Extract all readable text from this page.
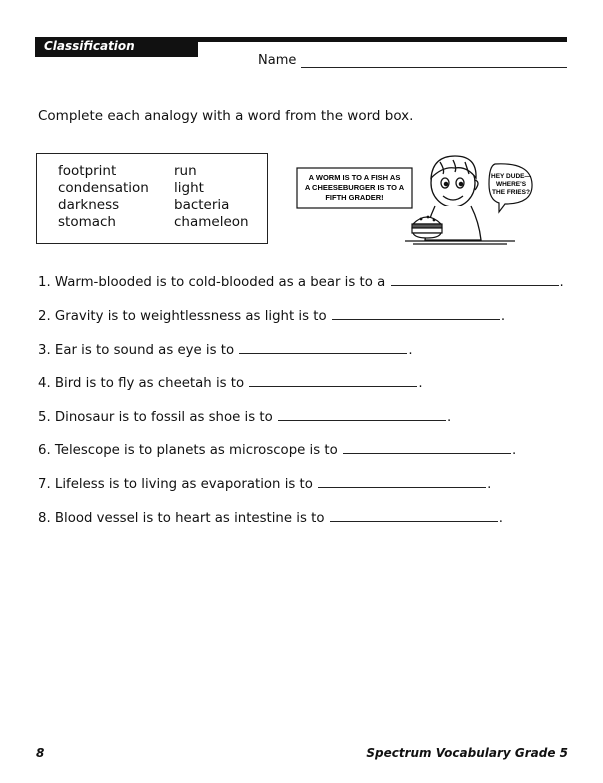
Classification
Name
Complete each analogy with a word from the word box.
footprint
condensation
darkness
stomach
run
light
bacteria
chameleon
A WORM IS TO A FISH AS
A CHEESEBURGER IS TO A
FIFTH GRADER!
HEY DUDE—
WHERE'S
THE FRIES?
1. Warm-blooded is to cold-blooded as a bear is to a	.
2. Gravity is to weightlessness as light is to	.
3. Ear is to sound as eye is to	.
4. Bird is to fly as cheetah is to	.
5. Dinosaur is to fossil as shoe is to	.
6. Telescope is to planets as microscope is to	.
7. Lifeless is to living as evaporation is to	.
8. Blood vessel is to heart as intestine is to	.
8	Spectrum Vocabulary Grade 5
